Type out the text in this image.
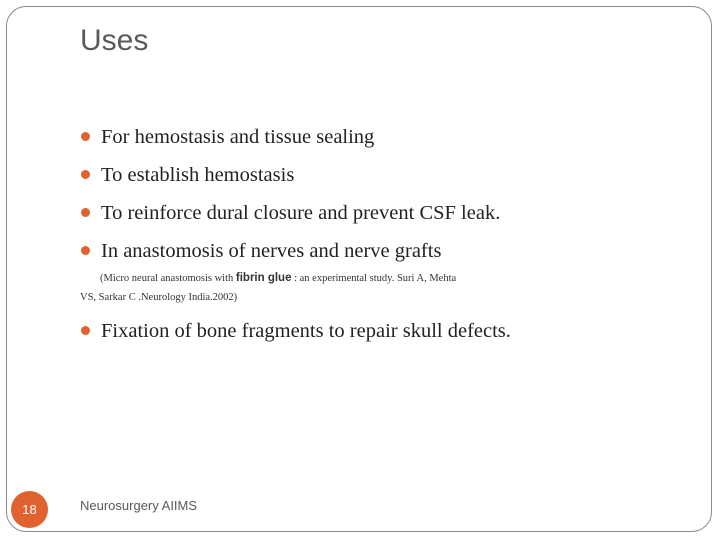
Uses
For hemostasis and tissue sealing
To establish hemostasis
To reinforce dural closure and prevent CSF leak.
In anastomosis of nerves and nerve grafts
(Micro neural anastomosis with fibrin glue : an experimental study. Suri A, Mehta
VS, Sarkar C .Neurology India.2002)
Fixation of bone fragments to repair skull defects.
18	Neurosurgery AIIMS
